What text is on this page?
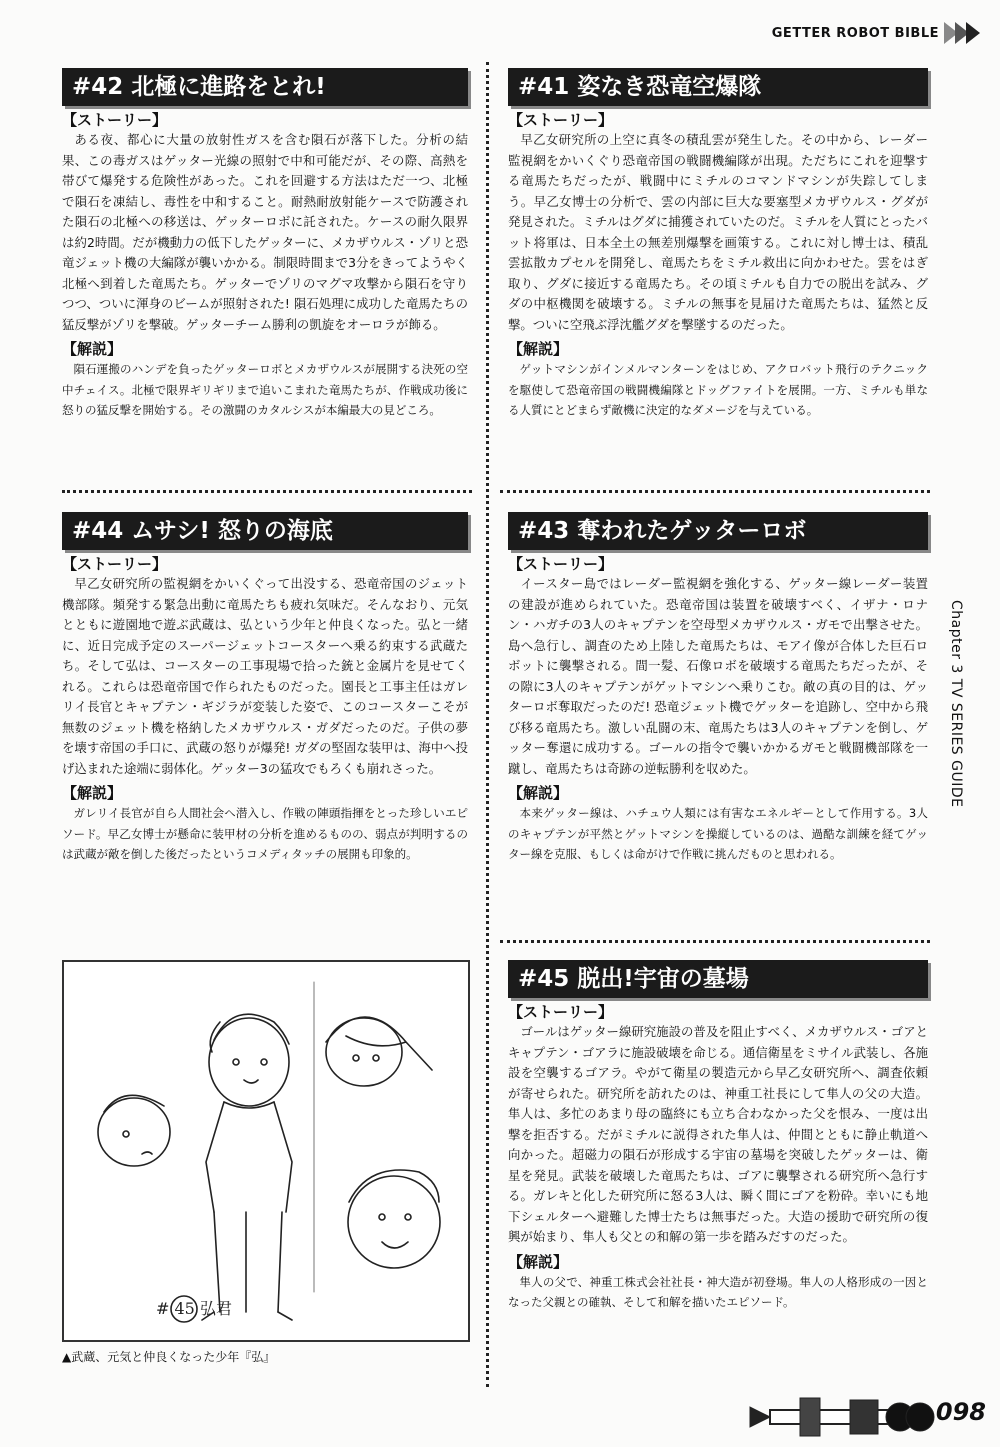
GETTER ROBOT BIBLE
#42 北極に進路をとれ!

【ストーリー】

ある夜、都心に大量の放射性ガスを含む隕石が落下した。分析の結果、この毒ガスはゲッター光線の照射で中和可能だが、その際、高熱を帯びて爆発する危険性があった。これを回避する方法はただ一つ、北極で隕石を凍結し、毒性を中和すること。耐熱耐放射能ケースで防護された隕石の北極への移送は、ゲッターロボに託された。ケースの耐久限界は約2時間。だが機動力の低下したゲッターに、メカザウルス・ゾリと恐竜ジェット機の大編隊が襲いかかる。制限時間まで3分をきってようやく北極へ到着した竜馬たち。ゲッターでゾリのマグマ攻撃から隕石を守りつつ、ついに渾身のビームが照射された! 隕石処理に成功した竜馬たちの猛反撃がゾリを撃破。ゲッターチーム勝利の凱旋をオーロラが飾る。

【解説】

隕石運搬のハンデを負ったゲッターロボとメカザウルスが展開する決死の空中チェイス。北極で限界ギリギリまで追いこまれた竜馬たちが、作戦成功後に怒りの猛反撃を開始する。その激闘のカタルシスが本編最大の見どころ。

#41 姿なき恐竜空爆隊

【ストーリー】

早乙女研究所の上空に真冬の積乱雲が発生した。その中から、レーダー監視網をかいくぐり恐竜帝国の戦闘機編隊が出現。ただちにこれを迎撃する竜馬たちだったが、戦闘中にミチルのコマンドマシンが失踪してしまう。早乙女博士の分析で、雲の内部に巨大な要塞型メカザウルス・グダが発見された。ミチルはグダに捕獲されていたのだ。ミチルを人質にとったバット将軍は、日本全土の無差別爆撃を画策する。これに対し博士は、積乱雲拡散カプセルを開発し、竜馬たちをミチル救出に向かわせた。雲をはぎ取り、グダに接近する竜馬たち。その頃ミチルも自力での脱出を試み、グダの中枢機関を破壊する。ミチルの無事を見届けた竜馬たちは、猛然と反撃。ついに空飛ぶ浮沈艦グダを撃墜するのだった。

【解説】

ゲットマシンがインメルマンターンをはじめ、アクロバット飛行のテクニックを駆使して恐竜帝国の戦闘機編隊とドッグファイトを展開。一方、ミチルも単なる人質にとどまらず敵機に決定的なダメージを与えている。

#44 ムサシ! 怒りの海底

【ストーリー】

早乙女研究所の監視網をかいくぐって出没する、恐竜帝国のジェット機部隊。頻発する緊急出動に竜馬たちも疲れ気味だ。そんなおり、元気とともに遊園地で遊ぶ武蔵は、弘という少年と仲良くなった。弘と一緒に、近日完成予定のスーパージェットコースターへ乗る約束する武蔵たち。そして弘は、コースターの工事現場で拾った銃と金属片を見せてくれる。これらは恐竜帝国で作られたものだった。園長と工事主任はガレリイ長官とキャプテン・ギジラが変装した姿で、このコースターこそが無数のジェット機を格納したメカザウルス・ガダだったのだ。子供の夢を壊す帝国の手口に、武蔵の怒りが爆発! ガダの堅固な装甲は、海中へ投げ込まれた途端に弱体化。ゲッター3の猛攻でもろくも崩れさった。

【解説】

ガレリイ長官が自ら人間社会へ潜入し、作戦の陣頭指揮をとった珍しいエピソード。早乙女博士が懸命に装甲材の分析を進めるものの、弱点が判明するのは武蔵が敵を倒した後だったというコメディタッチの展開も印象的。

#43 奪われたゲッターロボ

【ストーリー】

イースター島ではレーダー監視網を強化する、ゲッター線レーダー装置の建設が進められていた。恐竜帝国は装置を破壊すべく、イザナ・ロナン・ハガチの3人のキャプテンを空母型メカザウルス・ガモで出撃させた。島へ急行し、調査のため上陸した竜馬たちは、モアイ像が合体した巨石ロボットに襲撃される。間一髪、石像ロボを破壊する竜馬たちだったが、その隙に3人のキャプテンがゲットマシンへ乗りこむ。敵の真の目的は、ゲッターロボ奪取だったのだ! 恐竜ジェット機でゲッターを追跡し、空中から飛び移る竜馬たち。激しい乱闘の末、竜馬たちは3人のキャプテンを倒し、ゲッター奪還に成功する。ゴールの指令で襲いかかるガモと戦闘機部隊を一蹴し、竜馬たちは奇跡の逆転勝利を収めた。

【解説】

本来ゲッター線は、ハチュウ人類には有害なエネルギーとして作用する。3人のキャプテンが平然とゲットマシンを操縦しているのは、過酷な訓練を経てゲッター線を克服、もしくは命がけで作戦に挑んだものと思われる。

#45 脱出!宇宙の墓場

【ストーリー】

ゴールはゲッター線研究施設の普及を阻止すべく、メカザウルス・ゴアとキャプテン・ゴアラに施設破壊を命じる。通信衛星をミサイル武装し、各施設を空襲するゴアラ。やがて衛星の製造元から早乙女研究所へ、調査依頼が寄せられた。研究所を訪れたのは、神重工社長にして隼人の父の大造。隼人は、多忙のあまり母の臨終にも立ち合わなかった父を恨み、一度は出撃を拒否する。だがミチルに説得された隼人は、仲間とともに静止軌道へ向かった。超磁力の隕石が形成する宇宙の墓場を突破したゲッターは、衛星を発見。武装を破壊した竜馬たちは、ゴアに襲撃される研究所へ急行する。ガレキと化した研究所に怒る3人は、瞬く間にゴアを粉砕。幸いにも地下シェルターへ避難した博士たちは無事だった。大造の援助で研究所の復興が始まり、隼人も父との和解の第一歩を踏みだすのだった。

【解説】

隼人の父で、神重工株式会社社長・神大造が初登場。隼人の人格形成の一因となった父親との確執、そして和解を描いたエピソード。

# 45 弘君
▲武蔵、元気と仲良くなった少年『弘』
Chapter 3 TV SERIES GUIDE
098
